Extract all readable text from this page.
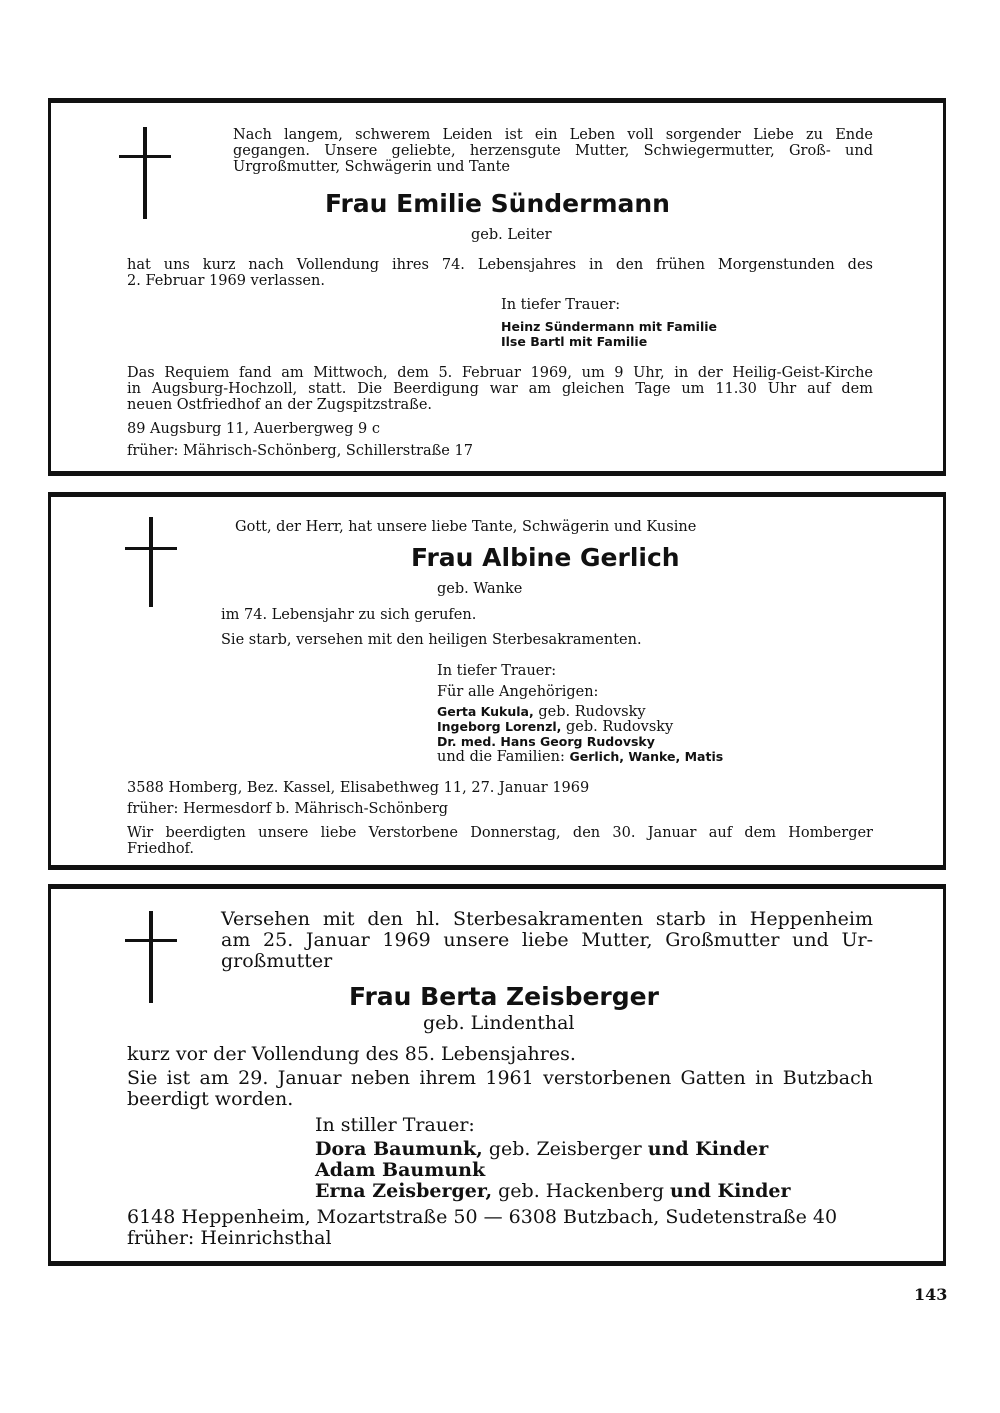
Nach langem, schwerem Leiden ist ein Leben voll sorgender Liebe zu Ende

gegangen. Unsere geliebte, herzensgute Mutter, Schwiegermutter, Groß- und

Urgroßmutter, Schwägerin und Tante

Frau Emilie Sündermann

geb. Leiter

hat uns kurz nach Vollendung ihres 74. Lebensjahres in den frühen Morgenstunden des

2. Februar 1969 verlassen.

In tiefer Trauer:

Heinz Sündermann mit Familie

Ilse Bartl mit Familie

Das Requiem fand am Mittwoch, dem 5. Februar 1969, um 9 Uhr, in der Heilig-Geist-Kirche

in Augsburg-Hochzoll, statt. Die Beerdigung war am gleichen Tage um 11.30 Uhr auf dem

neuen Ostfriedhof an der Zugspitzstraße.

89 Augsburg 11, Auerbergweg 9 c

früher: Mährisch-Schönberg, Schillerstraße 17

Gott, der Herr, hat unsere liebe Tante, Schwägerin und Kusine

Frau Albine Gerlich

geb. Wanke

im 74. Lebensjahr zu sich gerufen.

Sie starb, versehen mit den heiligen Sterbesakramenten.

In tiefer Trauer:

Für alle Angehörigen:

Gerta Kukula, geb. Rudovsky

Ingeborg Lorenzl, geb. Rudovsky

Dr. med. Hans Georg Rudovsky

und die Familien: Gerlich, Wanke, Matis

3588 Homberg, Bez. Kassel, Elisabethweg 11, 27. Januar 1969

früher: Hermesdorf b. Mährisch-Schönberg

Wir beerdigten unsere liebe Verstorbene Donnerstag, den 30. Januar auf dem Homberger

Friedhof.

Versehen mit den hl. Sterbesakramenten starb in Heppenheim

am 25. Januar 1969 unsere liebe Mutter, Großmutter und Ur-

großmutter

Frau Berta Zeisberger

geb. Lindenthal

kurz vor der Vollendung des 85. Lebensjahres.

Sie ist am 29. Januar neben ihrem 1961 verstorbenen Gatten in Butzbach

beerdigt worden.

In stiller Trauer:

Dora Baumunk, geb. Zeisberger und Kinder

Adam Baumunk

Erna Zeisberger, geb. Hackenberg und Kinder

6148 Heppenheim, Mozartstraße 50 — 6308 Butzbach, Sudetenstraße 40

früher: Heinrichsthal

143
